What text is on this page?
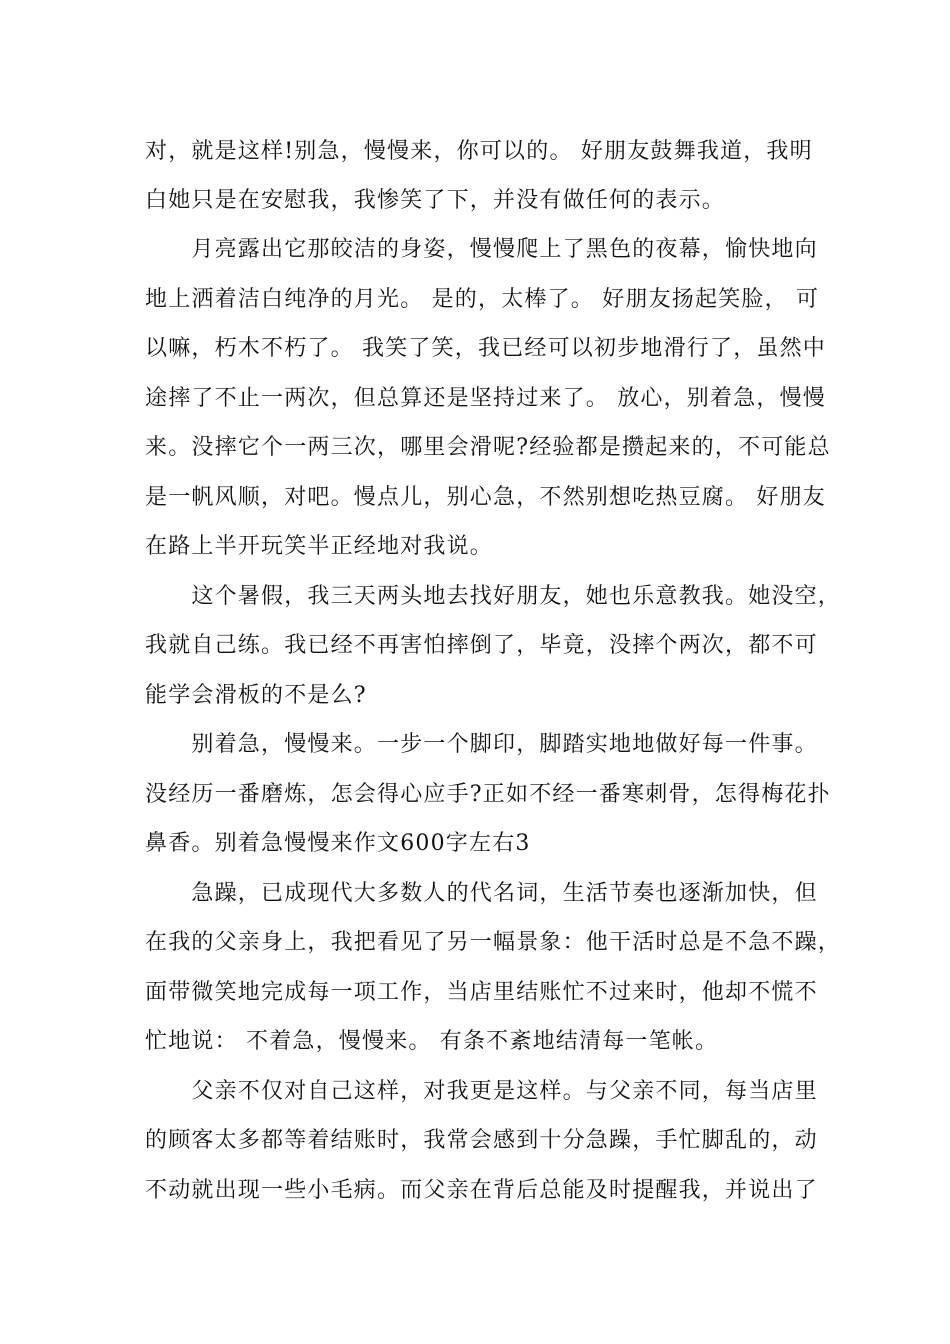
对，就是这样!别急，慢慢来，你可以的。 好朋友鼓舞我道，我明
白她只是在安慰我，我惨笑了下，并没有做任何的表示。
　　月亮露出它那皎洁的身姿，慢慢爬上了黑色的夜幕，愉快地向
地上洒着洁白纯净的月光。 是的，太棒了。 好朋友扬起笑脸， 可
以嘛，朽木不朽了。 我笑了笑，我已经可以初步地滑行了，虽然中
途摔了不止一两次，但总算还是坚持过来了。 放心，别着急，慢慢
来。没摔它个一两三次，哪里会滑呢?经验都是攒起来的，不可能总
是一帆风顺，对吧。慢点儿，别心急，不然别想吃热豆腐。 好朋友
在路上半开玩笑半正经地对我说。
　　这个暑假，我三天两头地去找好朋友，她也乐意教我。她没空，
我就自己练。我已经不再害怕摔倒了，毕竟，没摔个两次，都不可
能学会滑板的不是么?
　　别着急，慢慢来。一步一个脚印，脚踏实地地做好每一件事。
没经历一番磨炼，怎会得心应手?正如不经一番寒刺骨，怎得梅花扑
鼻香。别着急慢慢来作文600字左右3
　　急躁，已成现代大多数人的代名词，生活节奏也逐渐加快，但
在我的父亲身上，我把看见了另一幅景象：他干活时总是不急不躁，
面带微笑地完成每一项工作，当店里结账忙不过来时，他却不慌不
忙地说： 不着急，慢慢来。 有条不紊地结清每一笔帐。
　　父亲不仅对自己这样，对我更是这样。与父亲不同，每当店里
的顾客太多都等着结账时，我常会感到十分急躁，手忙脚乱的，动
不动就出现一些小毛病。而父亲在背后总能及时提醒我，并说出了
